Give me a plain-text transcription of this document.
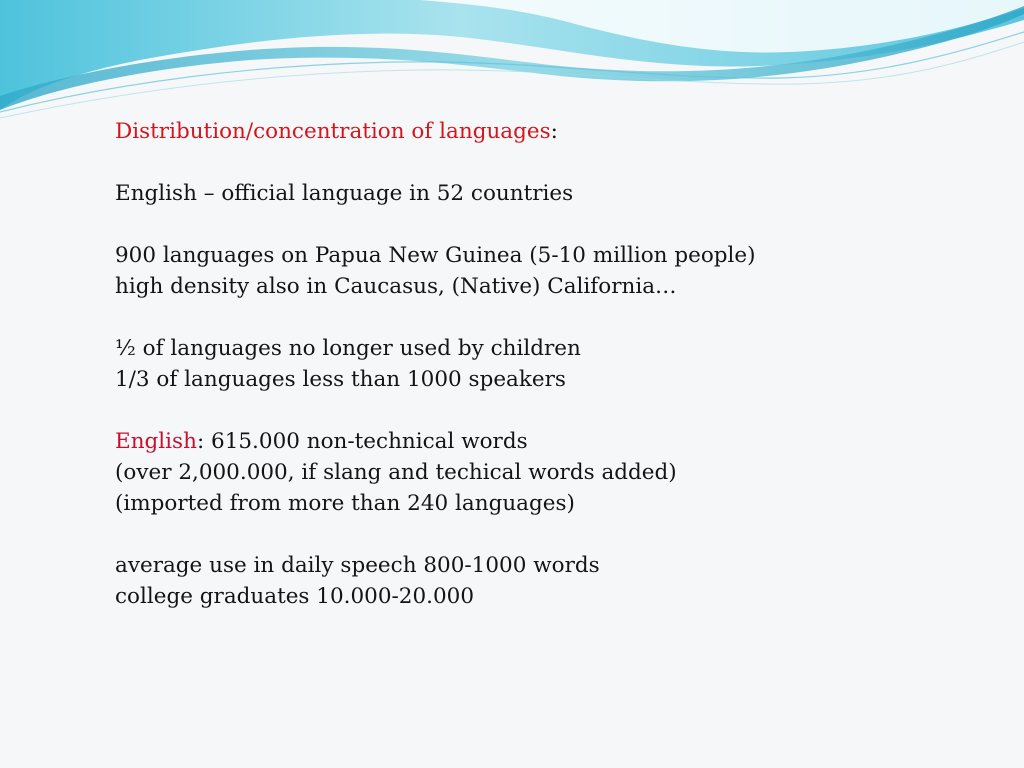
Distribution/concentration of languages:
English – official language in 52 countries
900 languages on Papua New Guinea (5-10 million people)
high density also in Caucasus, (Native) California…
½ of languages no longer used by children
1/3 of languages less than 1000 speakers
English: 615.000 non-technical words
(over 2,000.000, if slang and techical words added)
(imported from more than 240 languages)
average use in daily speech 800-1000 words
college graduates 10.000-20.000
